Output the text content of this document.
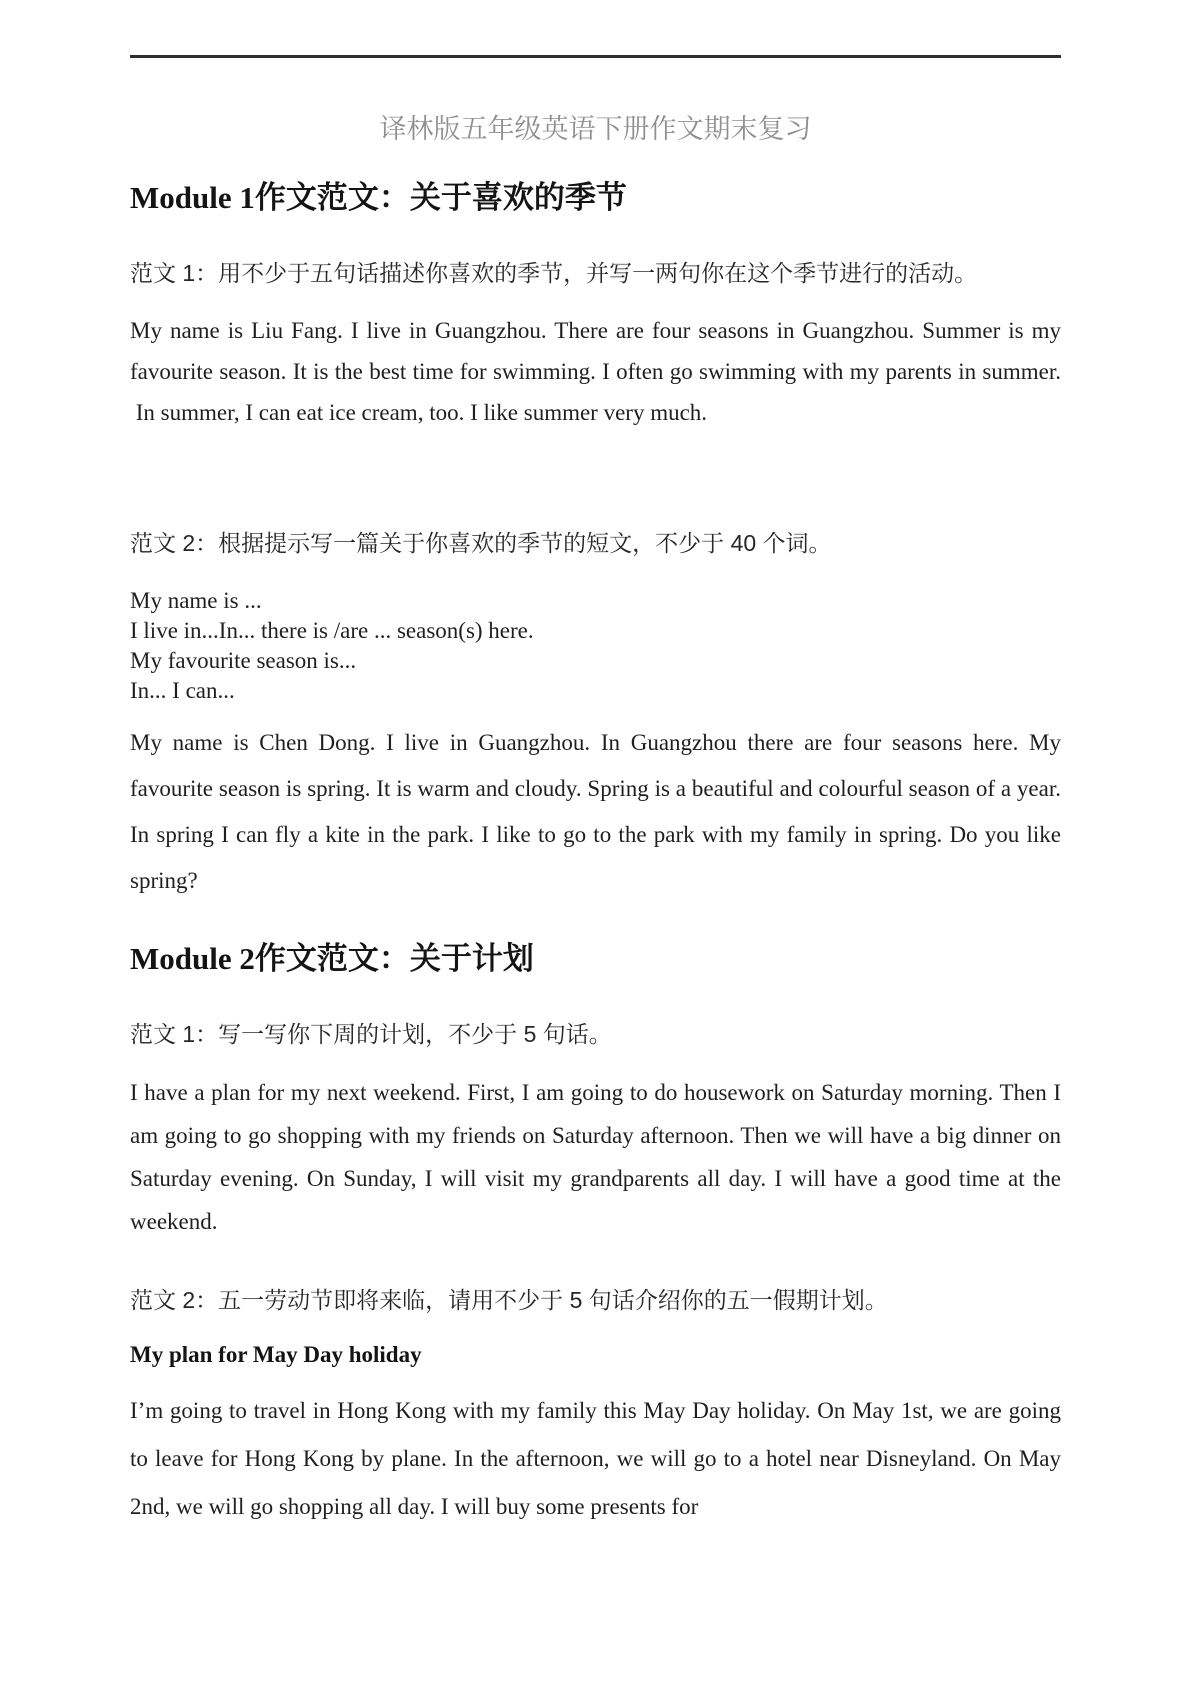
译林版五年级英语下册作文期末复习
Module 1作文范文：关于喜欢的季节

范文 1：用不少于五句话描述你喜欢的季节，并写一两句你在这个季节进行的活动。

My name is Liu Fang. I live in Guangzhou. There are four seasons in Guangzhou. Summer is my favourite season. It is the best time for swimming. I often go swimming with my parents in summer.  In summer, I can eat ice cream, too. I like summer very much.

范文 2：根据提示写一篇关于你喜欢的季节的短文，不少于 40 个词。

My name is ...
I live in...In... there is /are ... season(s) here.
My favourite season is...
In... I can...

My name is Chen Dong. I live in Guangzhou. In Guangzhou there are four seasons here. My favourite season is spring. It is warm and cloudy. Spring is a beautiful and colourful season of a year. In spring I can fly a kite in the park. I like to go to the park with my family in spring. Do you like spring?

Module 2作文范文：关于计划

范文 1：写一写你下周的计划，不少于 5 句话。

I have a plan for my next weekend. First, I am going to do housework on Saturday morning. Then I am going to go shopping with my friends on Saturday afternoon. Then we will have a big dinner on Saturday evening. On Sunday, I will visit my grandparents all day. I will have a good time at the weekend.

范文 2：五一劳动节即将来临，请用不少于 5 句话介绍你的五一假期计划。

My plan for May Day holiday

I’m going to travel in Hong Kong with my family this May Day holiday. On May 1st, we are going to leave for Hong Kong by plane. In the afternoon, we will go to a hotel near Disneyland. On May 2nd, we will go shopping all day. I will buy some presents for
